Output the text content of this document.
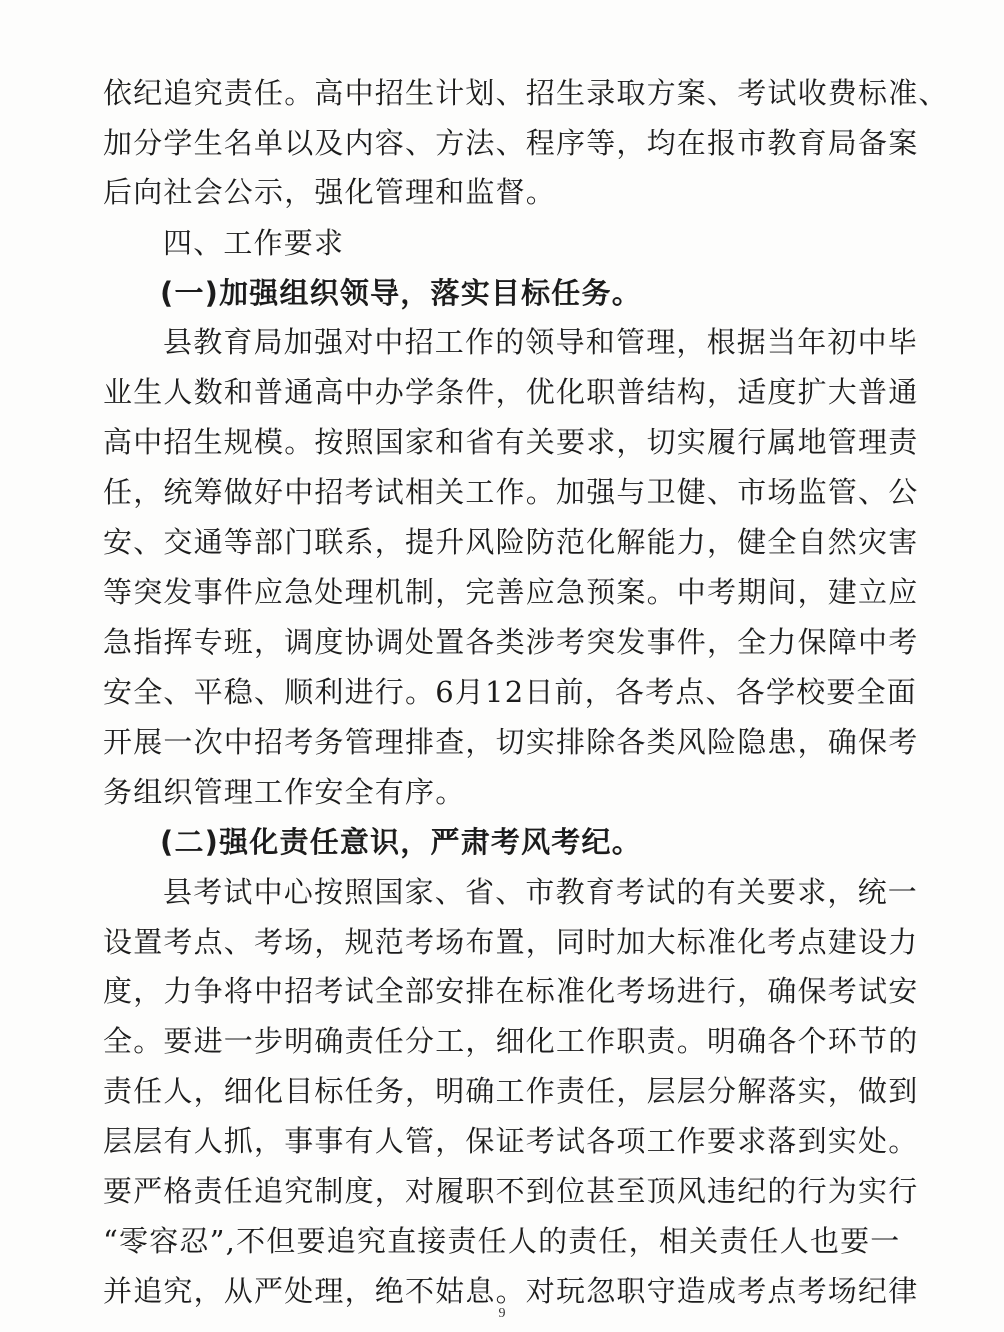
依纪追究责任。高中招生计划、招生录取方案、考试收费标准、
加分学生名单以及内容、方法、程序等，均在报市教育局备案
后向社会公示，强化管理和监督。
四、工作要求
(一)加强组织领导，落实目标任务。
县教育局加强对中招工作的领导和管理，根据当年初中毕
业生人数和普通高中办学条件，优化职普结构，适度扩大普通
高中招生规模。按照国家和省有关要求，切实履行属地管理责
任，统筹做好中招考试相关工作。加强与卫健、市场监管、公
安、交通等部门联系，提升风险防范化解能力，健全自然灾害
等突发事件应急处理机制，完善应急预案。中考期间，建立应
急指挥专班，调度协调处置各类涉考突发事件，全力保障中考
安全、平稳、顺利进行。6月12日前，各考点、各学校要全面
开展一次中招考务管理排查，切实排除各类风险隐患，确保考
务组织管理工作安全有序。
(二)强化责任意识，严肃考风考纪。
县考试中心按照国家、省、市教育考试的有关要求，统一
设置考点、考场，规范考场布置，同时加大标准化考点建设力
度，力争将中招考试全部安排在标准化考场进行，确保考试安
全。要进一步明确责任分工，细化工作职责。明确各个环节的
责任人，细化目标任务，明确工作责任，层层分解落实，做到
层层有人抓，事事有人管，保证考试各项工作要求落到实处。
要严格责任追究制度，对履职不到位甚至顶风违纪的行为实行
“零容忍”,不但要追究直接责任人的责任，相关责任人也要一
并追究，从严处理，绝不姑息。对玩忽职守造成考点考场纪律
9
